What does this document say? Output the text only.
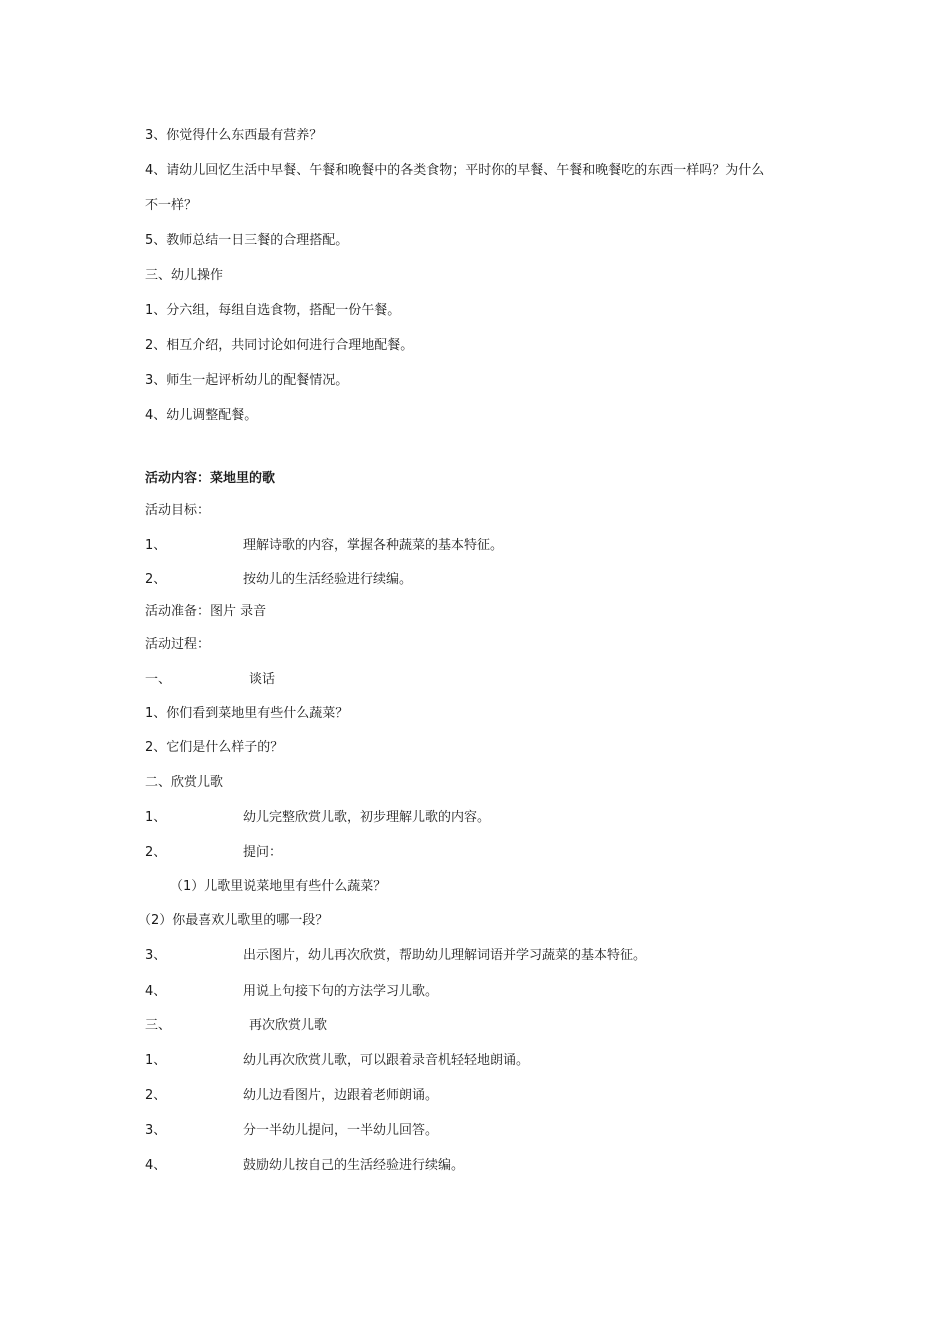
3、你觉得什么东西最有营养？
4、请幼儿回忆生活中早餐、午餐和晚餐中的各类食物；平时你的早餐、午餐和晚餐吃的东西一样吗？为什么
不一样？
5、教师总结一日三餐的合理搭配。
三、幼儿操作
1、分六组，每组自选食物，搭配一份午餐。
2、相互介绍，共同讨论如何进行合理地配餐。
3、师生一起评析幼儿的配餐情况。
4、幼儿调整配餐。
活动内容：菜地里的歌
活动目标：
1、	理解诗歌的内容，掌握各种蔬菜的基本特征。
2、	按幼儿的生活经验进行续编。
活动准备：图片 录音
活动过程：
一、	谈话
1、你们看到菜地里有些什么蔬菜？
2、它们是什么样子的？
二、欣赏儿歌
1、	幼儿完整欣赏儿歌，初步理解儿歌的内容。
2、	提问：
（1）儿歌里说菜地里有些什么蔬菜？
（2）你最喜欢儿歌里的哪一段？
3、	出示图片，幼儿再次欣赏，帮助幼儿理解词语并学习蔬菜的基本特征。
4、	用说上句接下句的方法学习儿歌。
三、	再次欣赏儿歌
1、	幼儿再次欣赏儿歌，可以跟着录音机轻轻地朗诵。
2、	幼儿边看图片，边跟着老师朗诵。
3、	分一半幼儿提问，一半幼儿回答。
4、	鼓励幼儿按自己的生活经验进行续编。
